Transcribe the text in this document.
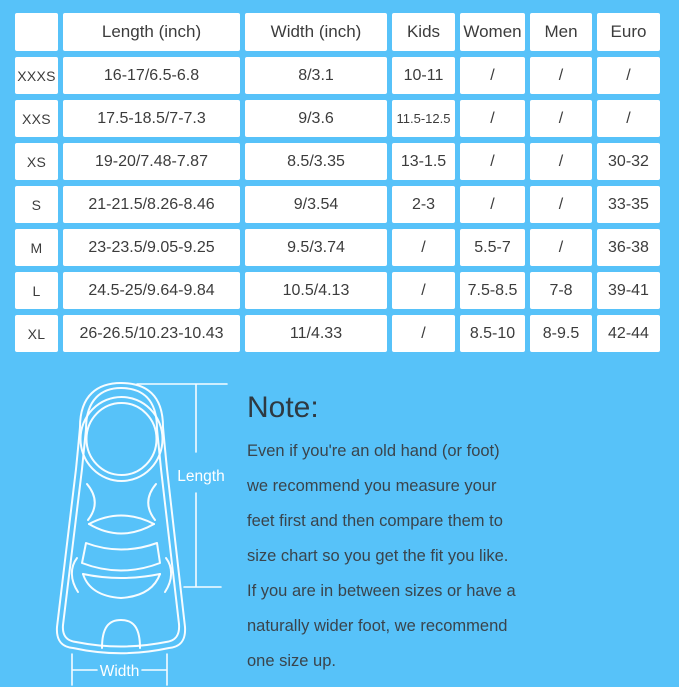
	Length (inch)	Width (inch)	Kids	Women	Men	Euro
XXXS	16-17/6.5-6.8	8/3.1	10-11	/	/	/
XXS	17.5-18.5/7-7.3	9/3.6	11.5-12.5	/	/	/
XS	19-20/7.48-7.87	8.5/3.35	13-1.5	/	/	30-32
S	21-21.5/8.26-8.46	9/3.54	2-3	/	/	33-35
M	23-23.5/9.05-9.25	9.5/3.74	/	5.5-7	/	36-38
L	24.5-25/9.64-9.84	10.5/4.13	/	7.5-8.5	7-8	39-41
XL	26-26.5/10.23-10.43	11/4.33	/	8.5-10	8-9.5	42-44
Length
Width
Note:
Even if you're an old hand (or foot)
we recommend you measure your
feet first and then compare them to
size chart so you get the fit you like.
If you are in between sizes or have a
naturally wider foot, we recommend
one size up.
